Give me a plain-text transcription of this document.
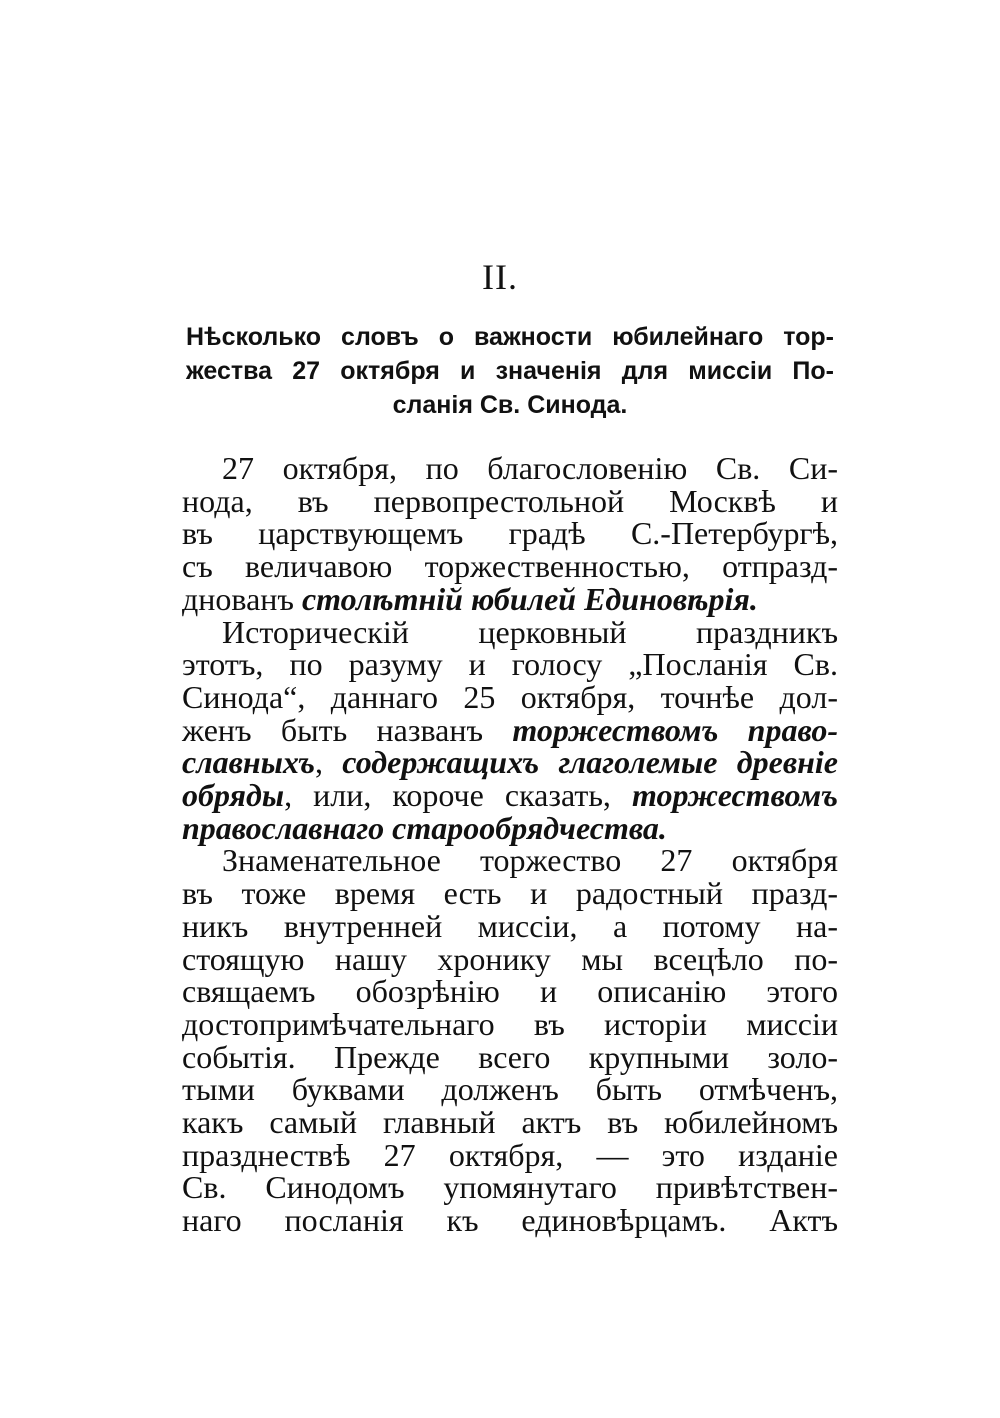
II.
Нѣсколько словъ о важности юбилейнаго тор-
жества 27 октября и значенія для миссіи По-
сланія Св. Синода.
27 октября, по благословенію Св. Си-
нода, въ первопрестольной Москвѣ и
въ царствующемъ градѣ С.-Петербургѣ,
съ величавою торжественностью, отпразд-
днованъ столѣтній юбилей Единовѣрія.
Историческій церковный праздникъ
этотъ, по разуму и голосу „Посланія Св.
Синода“, даннаго 25 октября, точнѣе дол-
женъ быть названъ торжествомъ право-
славныхъ, содержащихъ глаголемые древніе
обряды, или, короче сказать, торжествомъ
православнаго старообрядчества.
Знаменательное торжество 27 октября
въ тоже время есть и радостный празд-
никъ внутренней миссіи, а потому на-
стоящую нашу хронику мы всецѣло по-
свящаемъ обозрѣнію и описанію этого
достопримѣчательнаго въ исторіи миссіи
событія. Прежде всего крупными золо-
тыми буквами долженъ быть отмѣченъ,
какъ самый главный актъ въ юбилейномъ
празднествѣ 27 октября, — это изданіе
Св. Синодомъ упомянутаго привѣтствен-
наго посланія къ единовѣрцамъ. Актъ
